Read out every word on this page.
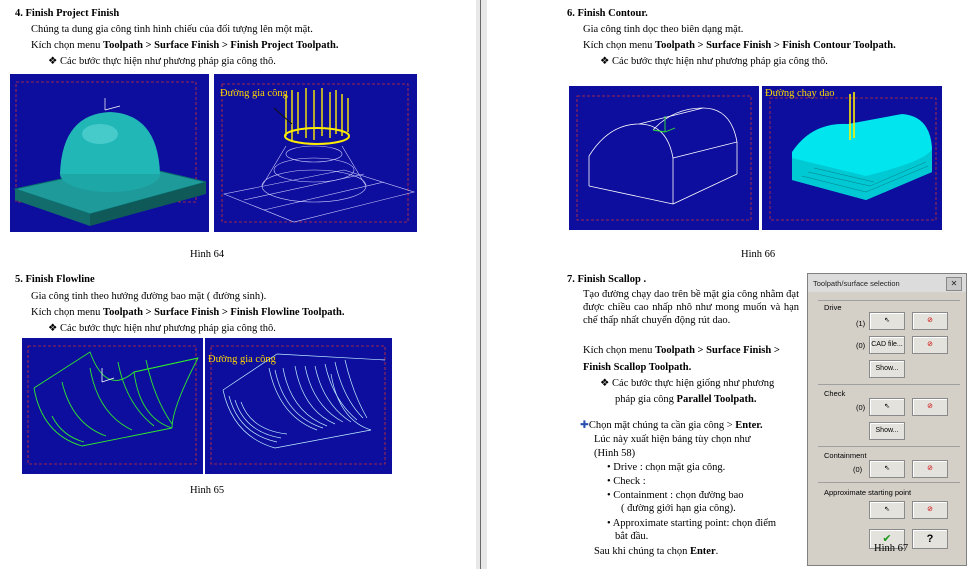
4. Finish Project Finish
Chúng ta dung gia công tinh hình chiếu của đối tượng lên một mặt.
Kích chọn menu Toolpath > Surface Finish > Finish Project Toolpath.
❖ Các bước thực hiện như phương pháp gia công thô.
Đường gia công
Hình 64
5. Finish Flowline
Gia công tinh theo hướng đường bao mặt ( đường sinh).
Kích chọn menu Toolpath > Surface Finish > Finish Flowline Toolpath.
❖ Các bước thực hiện như phương pháp gia công thô.
Đường gia công
Hình 65
6. Finish Contour.
Gia công tinh dọc theo biên dạng mặt.
Kích chọn menu Toolpath > Surface Finish > Finish Contour Toolpath.
❖ Các bước thực hiện như phương pháp gia công thô.
Đường chạy dao
Hình 66
7. Finish Scallop .
Tạo đường chạy dao trên bề mặt gia công nhằm đạt được chiều cao nhấp nhô như mong muốn và hạn chế thấp nhất chuyển động rút dao.
Kích chọn menu Toolpath > Surface Finish >
Finish Scallop Toolpath.
❖ Các bước thực hiện giống như phương
pháp gia công Parallel Toolpath.
✚Chọn mặt chúng ta cần gia công > Enter.
Lúc này xuất hiện bảng tùy chọn như
(Hình 58)
• Drive : chọn mặt gia công.
• Check :
• Containment : chọn đường bao
( đường giới hạn gia công).
• Approximate starting point: chọn điểm
bắt đầu.
Sau khi chúng ta chọn Enter.
Toolpath/surface selection	✕
Drive
(1)	⇖	⊘
(0) CAD file...	⊘
Show...
Check
(0)	⇖	⊘
Show...
Containment
(0)	⇖	⊘
Approximate starting point
⇖	⊘
✔	?
Hình 67
